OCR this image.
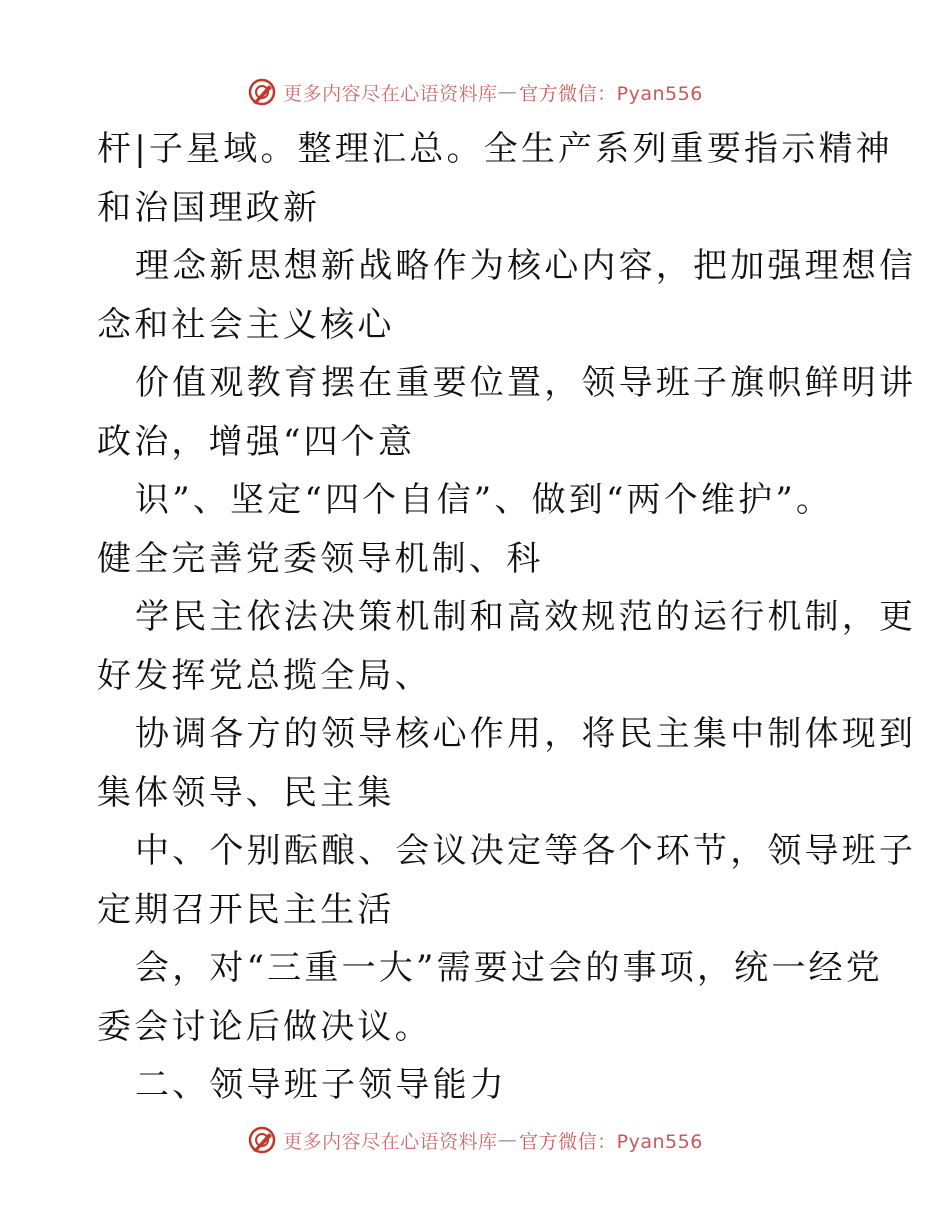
更多内容尽在心语资料库 — 官方微信：Pyan556
杆|子星域。整理汇总。全生产系列重要指示精神
和治国理政新
理念新思想新战略作为核心内容，把加强理想信
念和社会主义核心
价值观教育摆在重要位置，领导班子旗帜鲜明讲
政治，增强“四个意
识”、坚定“四个自信”、做到“两个维护”。
健全完善党委领导机制、科
学民主依法决策机制和高效规范的运行机制，更
好发挥党总揽全局、
协调各方的领导核心作用，将民主集中制体现到
集体领导、民主集
中、个别酝酿、会议决定等各个环节，领导班子
定期召开民主生活
会，对“三重一大”需要过会的事项，统一经党
委会讨论后做决议。
二、领导班子领导能力
更多内容尽在心语资料库 — 官方微信：Pyan556
